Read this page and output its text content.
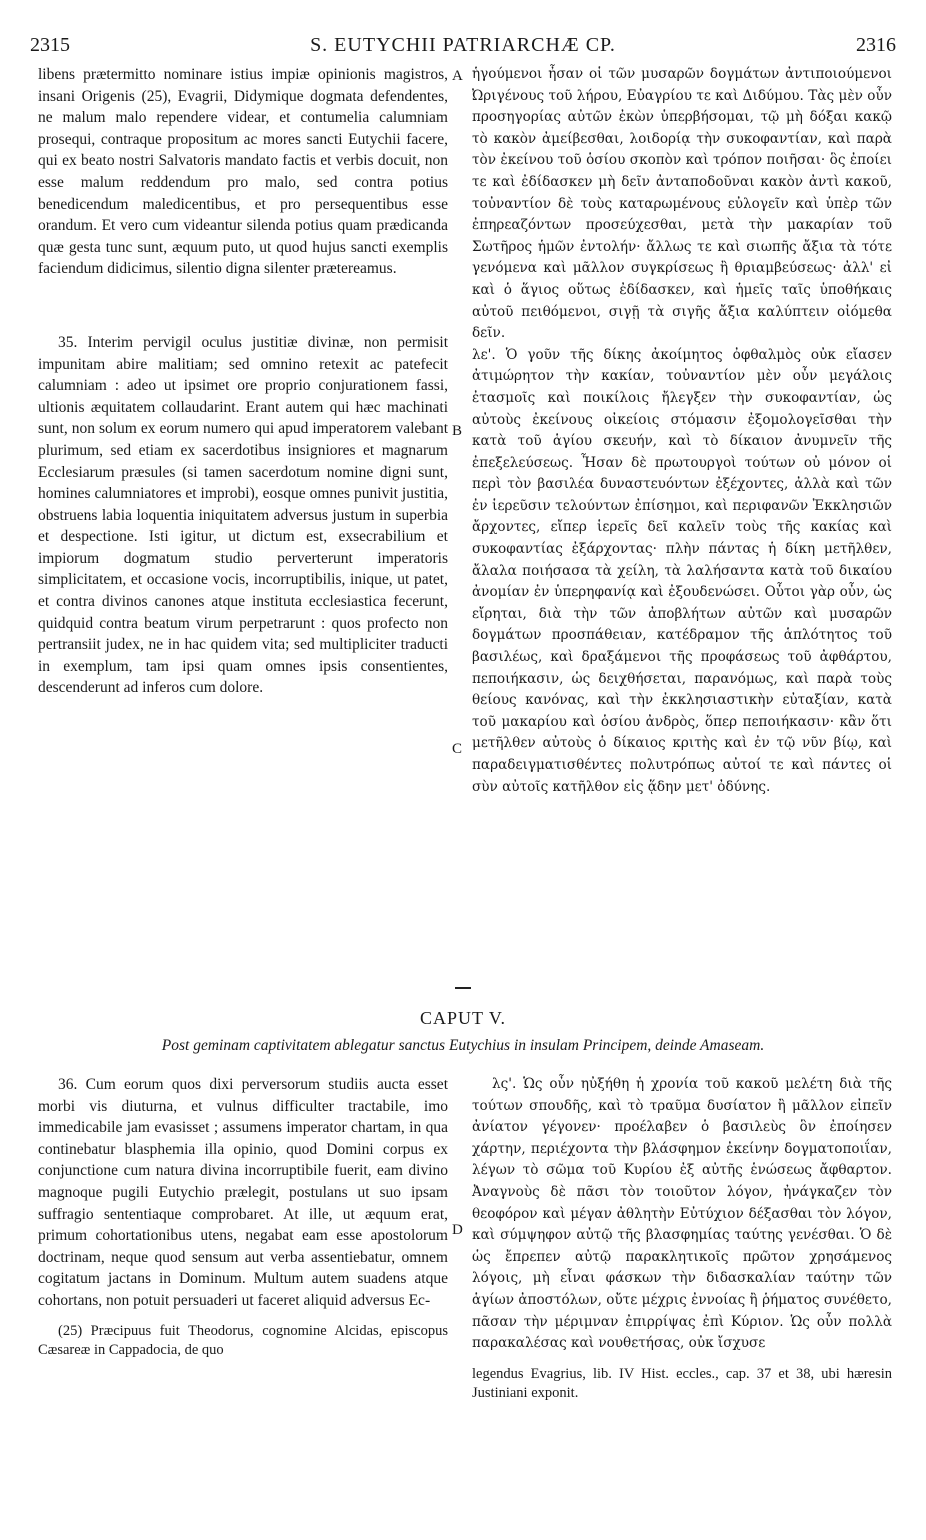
2315	S. EUTYCHII PATRIARCHÆ CP.	2316

libens prætermitto nominare istius impiæ opinionis magistros, insani Origenis (25), Evagrii, Didymique dogmata defendentes, ne malum malo rependere videar, et contumelia calumniam prosequi, contraque propositum ac mores sancti Eutychii facere, qui ex beato nostri Salvatoris mandato factis et verbis docuit, non esse malum reddendum pro malo, sed contra potius benedicendum maledicentibus, et pro persequentibus esse orandum. Et vero cum videantur silenda potius quam prædicanda quæ gesta tunc sunt, æquum puto, ut quod hujus sancti exemplis faciendum didicimus, silentio digna silenter prætereamus.

35. Interim pervigil oculus justitiæ divinæ, non permisit impunitam abire malitiam; sed omnino retexit ac patefecit calumniam : adeo ut ipsimet ore proprio conjurationem fassi, ultionis æquitatem collaudarint. Erant autem qui hæc machinati sunt, non solum ex eorum numero qui apud imperatorem valebant plurimum, sed etiam ex sacerdotibus insigniores et magnarum Ecclesiarum præsules (si tamen sacerdotum nomine digni sunt, homines calumniatores et improbi), eosque omnes punivit justitia, obstruens labia loquentia iniquitatem adversus justum in superbia et despectione. Isti igitur, ut dictum est, exsecrabilium et impiorum dogmatum studio perverterunt imperatoris simplicitatem, et occasione vocis, incorruptibilis, inique, ut patet, et contra divinos canones atque instituta ecclesiastica fecerunt, quidquid contra beatum virum perpetrarunt : quos profecto non pertransiit judex, ne in hac quidem vita; sed multipliciter traducti in exemplum, tam ipsi quam omnes ipsis consentientes, descenderunt ad inferos cum dolore.

ἡγούμενοι ἦσαν οἱ τῶν μυσαρῶν δογμάτων ἀντιποιούμενοι Ὠριγένους τοῦ λήρου, Εὐαγρίου τε καὶ Διδύμου. Τὰς μὲν οὖν προσηγορίας αὐτῶν ἐκὼν ὑπερβήσομαι, τῷ μὴ δόξαι κακῷ τὸ κακὸν ἀμείβεσθαι, λοιδορίᾳ τὴν συκοφαντίαν, καὶ παρὰ τὸν ἐκείνου τοῦ ὁσίου σκοπὸν καὶ τρόπον ποιῆσαι· ὃς ἐποίει τε καὶ ἐδίδασκεν μὴ δεῖν ἀνταποδοῦναι κακὸν ἀντὶ κακοῦ, τοὐναντίον δὲ τοὺς καταρωμένους εὐλογεῖν καὶ ὑπὲρ τῶν ἐπηρεαζόντων προσεύχεσθαι, μετὰ τὴν μακαρίαν τοῦ Σωτῆρος ἡμῶν ἐντολήν· ἄλλως τε καὶ σιωπῆς ἄξια τὰ τότε γενόμενα καὶ μᾶλλον συγκρίσεως ἢ θριαμβεύσεως· ἀλλ' εἰ καὶ ὁ ἅγιος οὕτως ἐδίδασκεν, καὶ ἡμεῖς ταῖς ὑποθήκαις αὐτοῦ πειθόμενοι, σιγῇ τὰ σιγῆς ἄξια καλύπτειν οἰόμεθα δεῖν.

λε'. Ὁ γοῦν τῆς δίκης ἀκοίμητος ὀφθαλμὸς οὐκ εἴασεν ἀτιμώρητον τὴν κακίαν, τοὐναντίον μὲν οὖν μεγάλοις ἐτασμοῖς καὶ ποικίλοις ἤλεγξεν τὴν συκοφαντίαν, ὡς αὐτοὺς ἐκείνους οἰκείοις στόμασιν ἐξομολογεῖσθαι τὴν κατὰ τοῦ ἁγίου σκευήν, καὶ τὸ δίκαιον ἀνυμνεῖν τῆς ἐπεξελεύσεως. Ἦσαν δὲ πρωτουργοὶ τούτων οὐ μόνον οἱ περὶ τὸν βασιλέα δυναστευόντων ἐξέχοντες, ἀλλὰ καὶ τῶν ἐν ἱερεῦσιν τελούντων ἐπίσημοι, καὶ περιφανῶν Ἐκκλησιῶν ἄρχοντες, εἴπερ ἱερεῖς δεῖ καλεῖν τοὺς τῆς κακίας καὶ συκοφαντίας ἐξάρχοντας· πλὴν πάντας ἡ δίκη μετῆλθεν, ἄλαλα ποιήσασα τὰ χείλη, τὰ λαλήσαντα κατὰ τοῦ δικαίου ἀνομίαν ἐν ὑπερηφανίᾳ καὶ ἐξουδενώσει. Οὗτοι γὰρ οὖν, ὡς εἴρηται, διὰ τὴν τῶν ἀποβλήτων αὐτῶν καὶ μυσαρῶν δογμάτων προσπάθειαν, κατέδραμον τῆς ἁπλότητος τοῦ βασιλέως, καὶ δραξάμενοι τῆς προφάσεως τοῦ ἀφθάρτου, πεποιήκασιν, ὡς δειχθήσεται, παρανόμως, καὶ παρὰ τοὺς θείους κανόνας, καὶ τὴν ἐκκλησιαστικὴν εὐταξίαν, κατὰ τοῦ μακαρίου καὶ ὁσίου ἀνδρὸς, ὅπερ πεποιήκασιν· κἂν ὅτι μετῆλθεν αὐτοὺς ὁ δίκαιος κριτὴς καὶ ἐν τῷ νῦν βίῳ, καὶ παραδειγματισθέντες πολυτρόπως αὐτοί τε καὶ πάντες οἱ σὺν αὐτοῖς κατῆλθον εἰς ᾅδην μετ' ὀδύνης.

A
B
C
D
CAPUT V.
Post geminam captivitatem ablegatur sanctus Eutychius in insulam Principem, deinde Amaseam.

36. Cum eorum quos dixi perversorum studiis aucta esset morbi vis diuturna, et vulnus difficulter tractabile, imo immedicabile jam evasisset ; assumens imperator chartam, in qua continebatur blasphemia illa opinio, quod Domini corpus ex conjunctione cum natura divina incorruptibile fuerit, eam divino magnoque pugili Eutychio prælegit, postulans ut suo ipsam suffragio sententiaque comprobaret. At ille, ut æquum erat, primum cohortationibus utens, negabat eam esse apostolorum doctrinam, neque quod sensum aut verba assentiebatur, omnem cogitatum jactans in Dominum. Multum autem suadens atque cohortans, non potuit persuaderi ut faceret aliquid adversus Ec-

(25) Præcipuus fuit Theodorus, cognomine Alcidas, episcopus Cæsareæ in Cappadocia, de quo

λς'. Ὡς οὖν ηὐξήθη ἡ χρονία τοῦ κακοῦ μελέτη διὰ τῆς τούτων σπουδῆς, καὶ τὸ τραῦμα δυσίατον ἢ μᾶλλον εἰπεῖν ἀνίατον γέγονεν· προέλαβεν ὁ βασιλεὺς ὃν ἐποίησεν χάρτην, περιέχοντα τὴν βλάσφημον ἐκείνην δογματοποιΐαν, λέγων τὸ σῶμα τοῦ Κυρίου ἐξ αὐτῆς ἑνώσεως ἄφθαρτον. Ἀναγνοὺς δὲ πᾶσι τὸν τοιοῦτον λόγον, ἠνάγκαζεν τὸν θεοφόρον καὶ μέγαν ἀθλητὴν Εὐτύχιον δέξασθαι τὸν λόγον, καὶ σύμψηφον αὐτῷ τῆς βλασφημίας ταύτης γενέσθαι. Ὁ δὲ ὡς ἔπρεπεν αὐτῷ παρακλητικοῖς πρῶτον χρησάμενος λόγοις, μὴ εἶναι φάσκων τὴν διδασκαλίαν ταύτην τῶν ἁγίων ἀποστόλων, οὔτε μέχρις ἐννοίας ἢ ῥήματος συνέθετο, πᾶσαν τὴν μέριμναν ἐπιρρίψας ἐπὶ Κύριον. Ὡς οὖν πολλὰ παρακαλέσας καὶ νουθετήσας, οὐκ ἴσχυσε

legendus Evagrius, lib. IV Hist. eccles., cap. 37 et 38, ubi hæresin Justiniani exponit.
